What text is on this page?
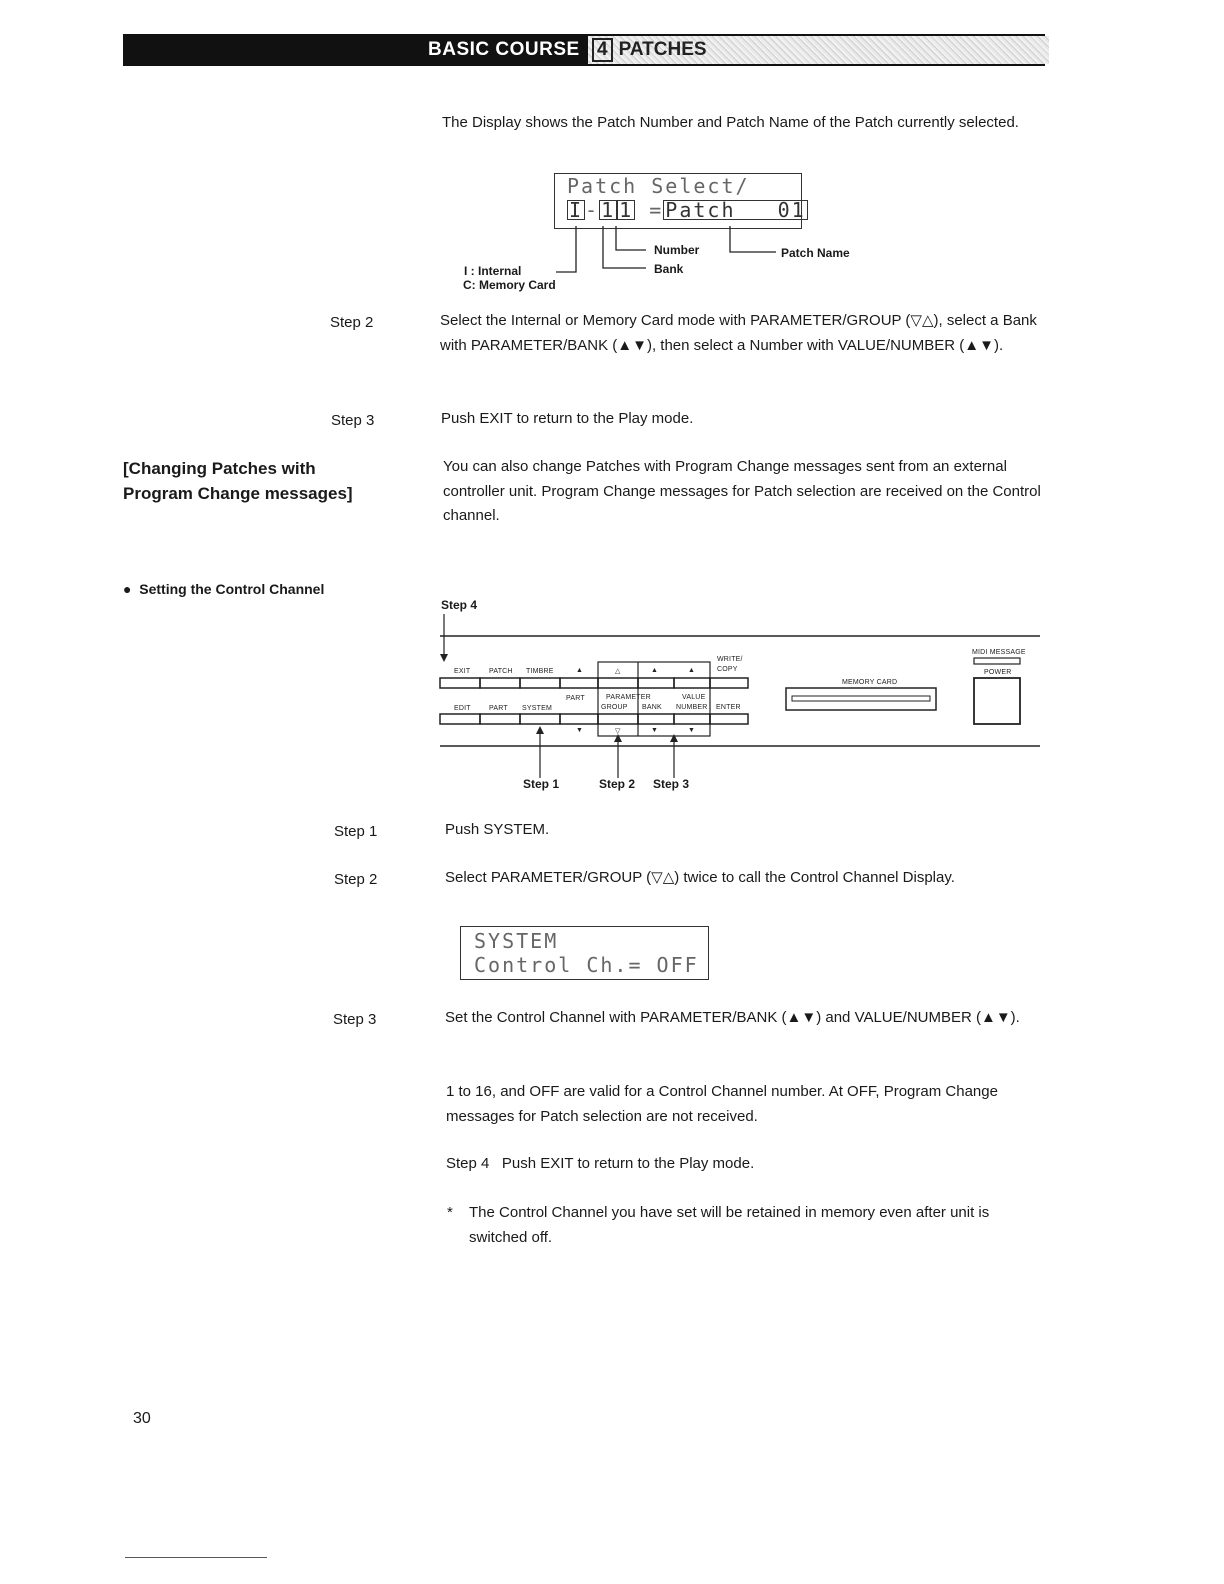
BASIC COURSE 4 PATCHES
The Display shows the Patch Number and Patch Name of the Patch currently selected.
Patch Select/
I - 1 1 = Patch   01
Number	Patch Name
Bank
I : Internal
C: Memory Card
Step 2	Select the Internal or Memory Card mode with PARAMETER/GROUP (▽△), select a Bank with PARAMETER/BANK (▲▼), then select a Number with VALUE/NUMBER (▲▼).
Step 3	Push EXIT to return to the Play mode.
[Changing Patches with
Program Change messages]
You can also change Patches with Program Change messages sent from an external controller unit. Program Change messages for Patch selection are received on the Control channel.
● Setting the Control Channel
Step 4
EXIT	PATCH TIMBRE	▲	△	▲	▲
WRITE/
COPY
PART	PARAMETER
GROUP BANK
VALUE
NUMBER ENTER
EDIT	PART SYSTEM
▼	▽	▼	▼
MEMORY CARD
MIDI MESSAGE
POWER
Step 1	Step 2 Step 3
Step 1	Push SYSTEM.
Step 2	Select PARAMETER/GROUP (▽△) twice to call the Control Channel Display.
SYSTEM
Control Ch.= OFF
Step 3	Set the Control Channel with PARAMETER/BANK (▲▼) and VALUE/NUMBER (▲▼).
1 to 16, and OFF are valid for a Control Channel number. At OFF, Program Change messages for Patch selection are not received.
Step 4 Push EXIT to return to the Play mode.
* The Control Channel you have set will be retained in memory even after unit is switched off.
30
